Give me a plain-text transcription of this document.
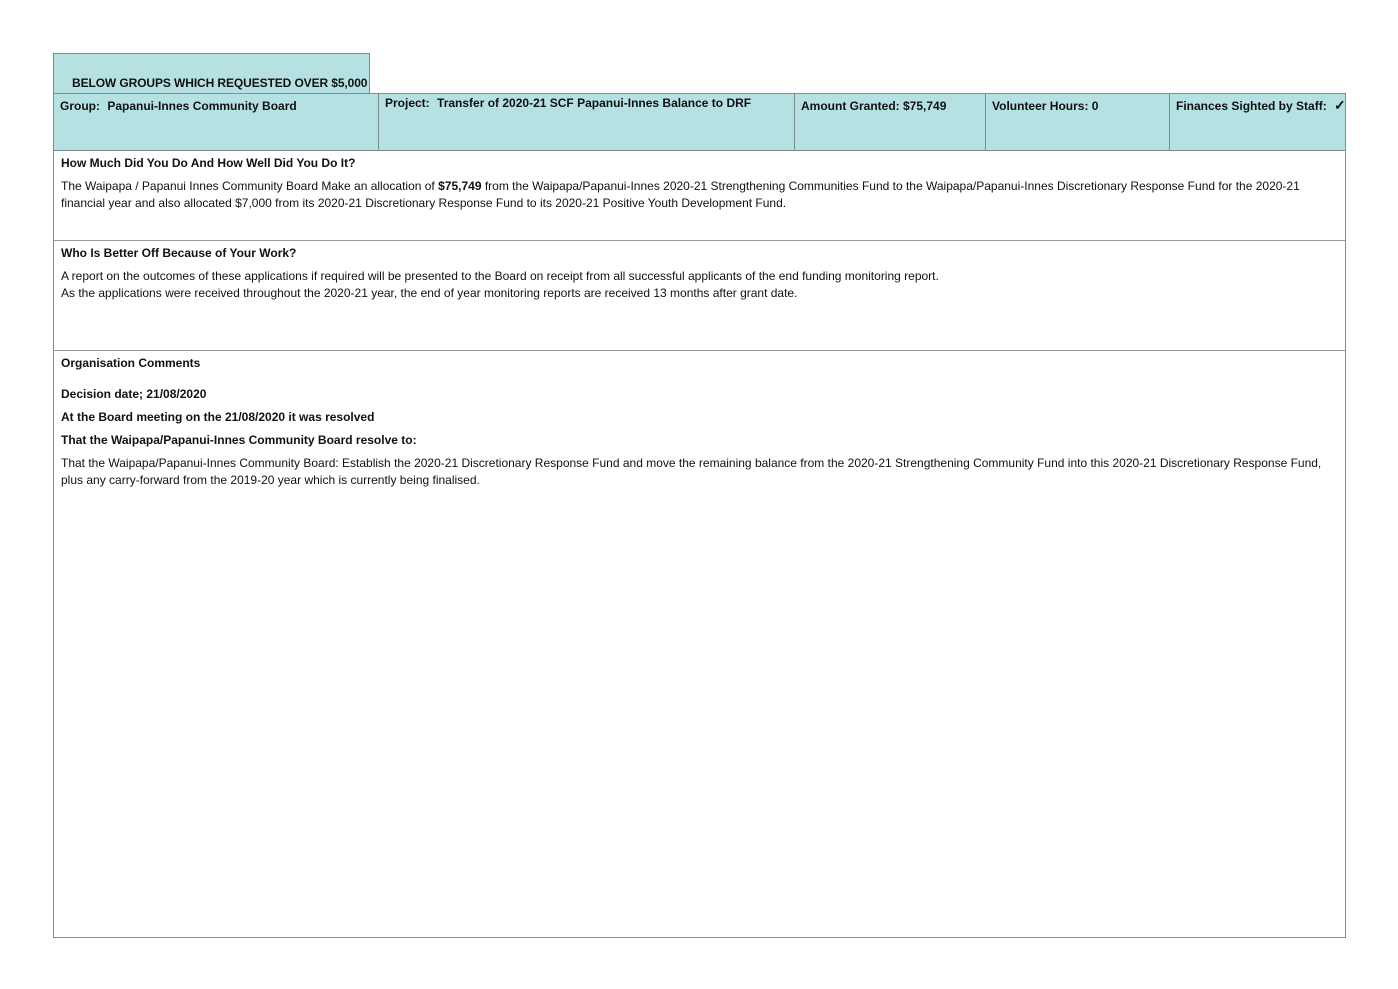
BELOW GROUPS WHICH REQUESTED OVER $5,000
Group: Papanui-Innes Community Board	Project: Transfer of 2020-21 SCF Papanui-Innes Balance to DRF	Amount Granted: $75,749	Volunteer Hours: 0	Finances Sighted by Staff: ✓
How Much Did You Do And How Well Did You Do It?
The Waipapa / Papanui Innes Community Board Make an allocation of $75,749 from the Waipapa/Papanui-Innes 2020-21 Strengthening Communities Fund to the Waipapa/Papanui-Innes Discretionary Response Fund for the 2020-21 financial year and also allocated $7,000 from its 2020-21 Discretionary Response Fund to its 2020-21 Positive Youth Development Fund.
Who Is Better Off Because of Your Work?
A report on the outcomes of these applications if required will be presented to the Board on receipt from all successful applicants of the end funding monitoring report.
As the applications were received throughout the 2020-21 year, the end of year monitoring reports are received 13 months after grant date.
Organisation Comments
Decision date; 21/08/2020
At the Board meeting on the 21/08/2020 it was resolved
That the Waipapa/Papanui-Innes Community Board resolve to:
That the Waipapa/Papanui-Innes Community Board: Establish the 2020-21 Discretionary Response Fund and move the remaining balance from the 2020-21 Strengthening Community Fund into this 2020-21 Discretionary Response Fund, plus any carry-forward from the 2019-20 year which is currently being finalised.
